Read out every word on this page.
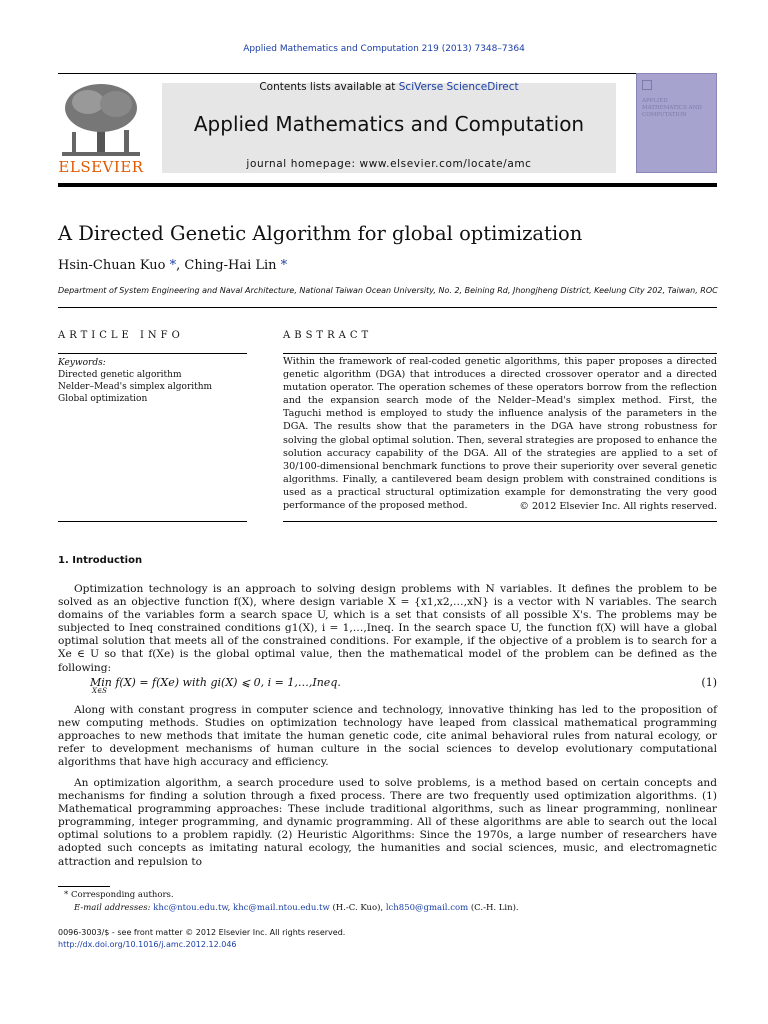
Applied Mathematics and Computation 219 (2013) 7348–7364
ELSEVIER
Contents lists available at SciVerse ScienceDirect
Applied Mathematics and Computation
journal homepage: www.elsevier.com/locate/amc
APPLIED MATHEMATICS AND COMPUTATION
A Directed Genetic Algorithm for global optimization
Hsin-Chuan Kuo *, Ching-Hai Lin *
Department of System Engineering and Naval Architecture, National Taiwan Ocean University, No. 2, Beining Rd, Jhongjheng District, Keelung City 202, Taiwan, ROC
ARTICLE INFO
Keywords:
Directed genetic algorithm
Nelder–Mead's simplex algorithm
Global optimization
ABSTRACT
Within the framework of real-coded genetic algorithms, this paper proposes a directed genetic algorithm (DGA) that introduces a directed crossover operator and a directed mutation operator. The operation schemes of these operators borrow from the reflection and the expansion search mode of the Nelder–Mead's simplex method. First, the Taguchi method is employed to study the influence analysis of the parameters in the DGA. The results show that the parameters in the DGA have strong robustness for solving the global optimal solution. Then, several strategies are proposed to enhance the solution accuracy capability of the DGA. All of the strategies are applied to a set of 30/100-dimensional benchmark functions to prove their superiority over several genetic algorithms. Finally, a cantilevered beam design problem with constrained conditions is used as a practical structural optimization example for demonstrating the very good performance of the proposed method.	© 2012 Elsevier Inc. All rights reserved.
1. Introduction
Optimization technology is an approach to solving design problems with N variables. It defines the problem to be solved as an objective function f(X), where design variable X = {x1,x2,…,xN} is a vector with N variables. The search domains of the variables form a search space U, which is a set that consists of all possible X's. The problems may be subjected to Ineq constrained conditions g1(X), i = 1,…,Ineq. In the search space U, the function f(X) will have a global optimal solution that meets all of the constrained conditions. For example, if the objective of a problem is to search for a Xe ∈ U so that f(Xe) is the global optimal value, then the mathematical model of the problem can be defined as the following:
Min f(X) = f(Xe) with gi(X) ⩽ 0, i = 1,…,Ineq.
X∈S
(1)
Along with constant progress in computer science and technology, innovative thinking has led to the proposition of new computing methods. Studies on optimization technology have leaped from classical mathematical programming approaches to new methods that imitate the human genetic code, cite animal behavioral rules from natural ecology, or refer to development mechanisms of human culture in the social sciences to develop evolutionary computational algorithms that have high accuracy and efficiency.
An optimization algorithm, a search procedure used to solve problems, is a method based on certain concepts and mechanisms for finding a solution through a fixed process. There are two frequently used optimization algorithms. (1) Mathematical programming approaches: These include traditional algorithms, such as linear programming, nonlinear programming, integer programming, and dynamic programming. All of these algorithms are able to search out the local optimal solutions to a problem rapidly. (2) Heuristic Algorithms: Since the 1970s, a large number of researchers have adopted such concepts as imitating natural ecology, the humanities and social sciences, music, and electromagnetic attraction and repulsion to
* Corresponding authors.
E-mail addresses: khc@ntou.edu.tw, khc@mail.ntou.edu.tw (H.-C. Kuo), lch850@gmail.com (C.-H. Lin).
0096-3003/$ - see front matter © 2012 Elsevier Inc. All rights reserved.
http://dx.doi.org/10.1016/j.amc.2012.12.046
